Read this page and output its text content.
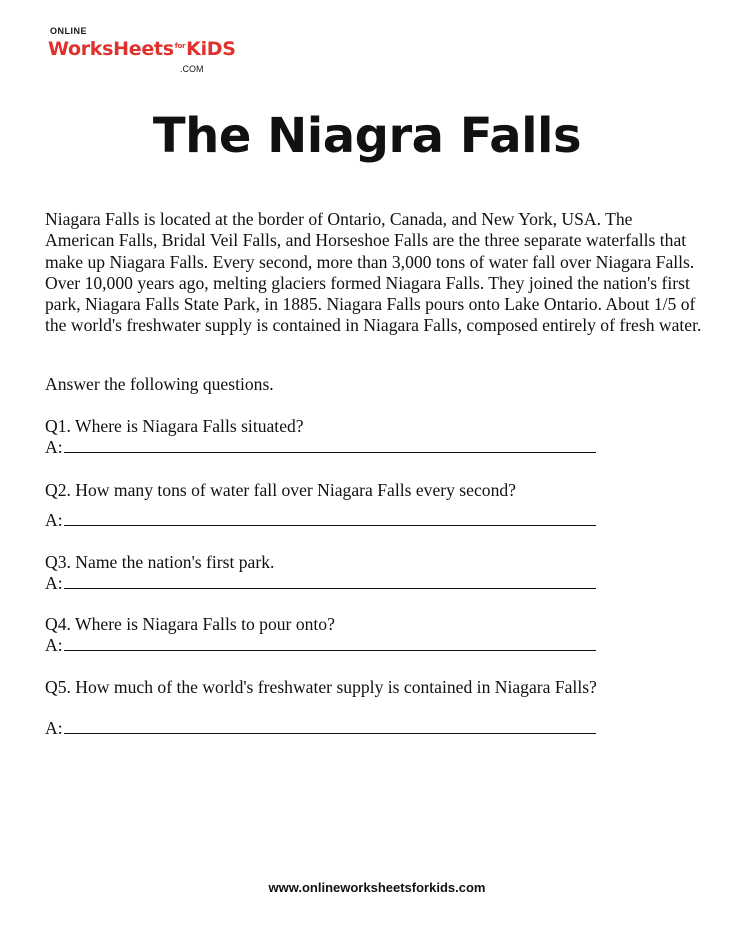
ONLINE
WorksHeets$^{for}$KiDS
.COM
The Niagra Falls

Niagara Falls is located at the border of Ontario, Canada, and New York, USA. The American Falls, Bridal Veil Falls, and Horseshoe Falls are the three separate waterfalls that make up Niagara Falls. Every second, more than 3,000 tons of water fall over Niagara Falls. Over 10,000 years ago, melting glaciers formed Niagara Falls. They joined the nation's first park, Niagara Falls State Park, in 1885. Niagara Falls pours onto Lake Ontario. About 1/5 of the world's freshwater supply is contained in Niagara Falls, composed entirely of fresh water.

Answer the following questions.

Q1. Where is Niagara Falls situated?

A:

Q2. How many tons of water fall over Niagara Falls every second?

A:

Q3. Name the nation's first park.

A:

Q4. Where is Niagara Falls to pour onto?

A:

Q5. How much of the world's freshwater supply is contained in Niagara Falls?

A:

www.onlineworksheetsforkids.com
